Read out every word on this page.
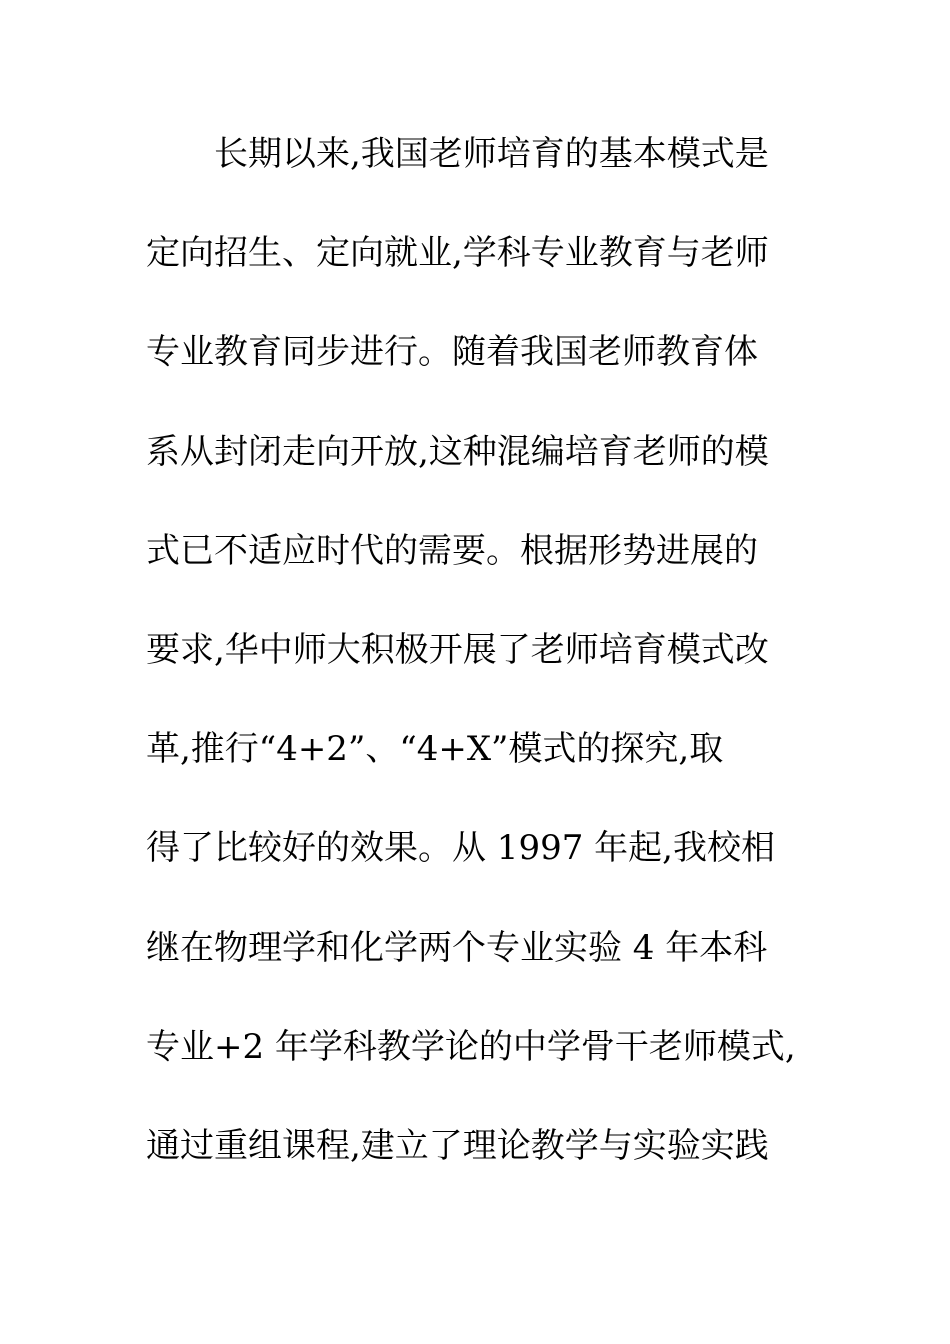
　　长期以来,我国老师培育的基本模式是
定向招生、定向就业,学科专业教育与老师
专业教育同步进行。随着我国老师教育体
系从封闭走向开放,这种混编培育老师的模
式已不适应时代的需要。根据形势进展的
要求,华中师大积极开展了老师培育模式改
革,推行“4+2”、“4+X”模式的探究,取
得了比较好的效果。从 1997 年起,我校相
继在物理学和化学两个专业实验 4 年本科
专业+2 年学科教学论的中学骨干老师模式,
通过重组课程,建立了理论教学与实验实践
